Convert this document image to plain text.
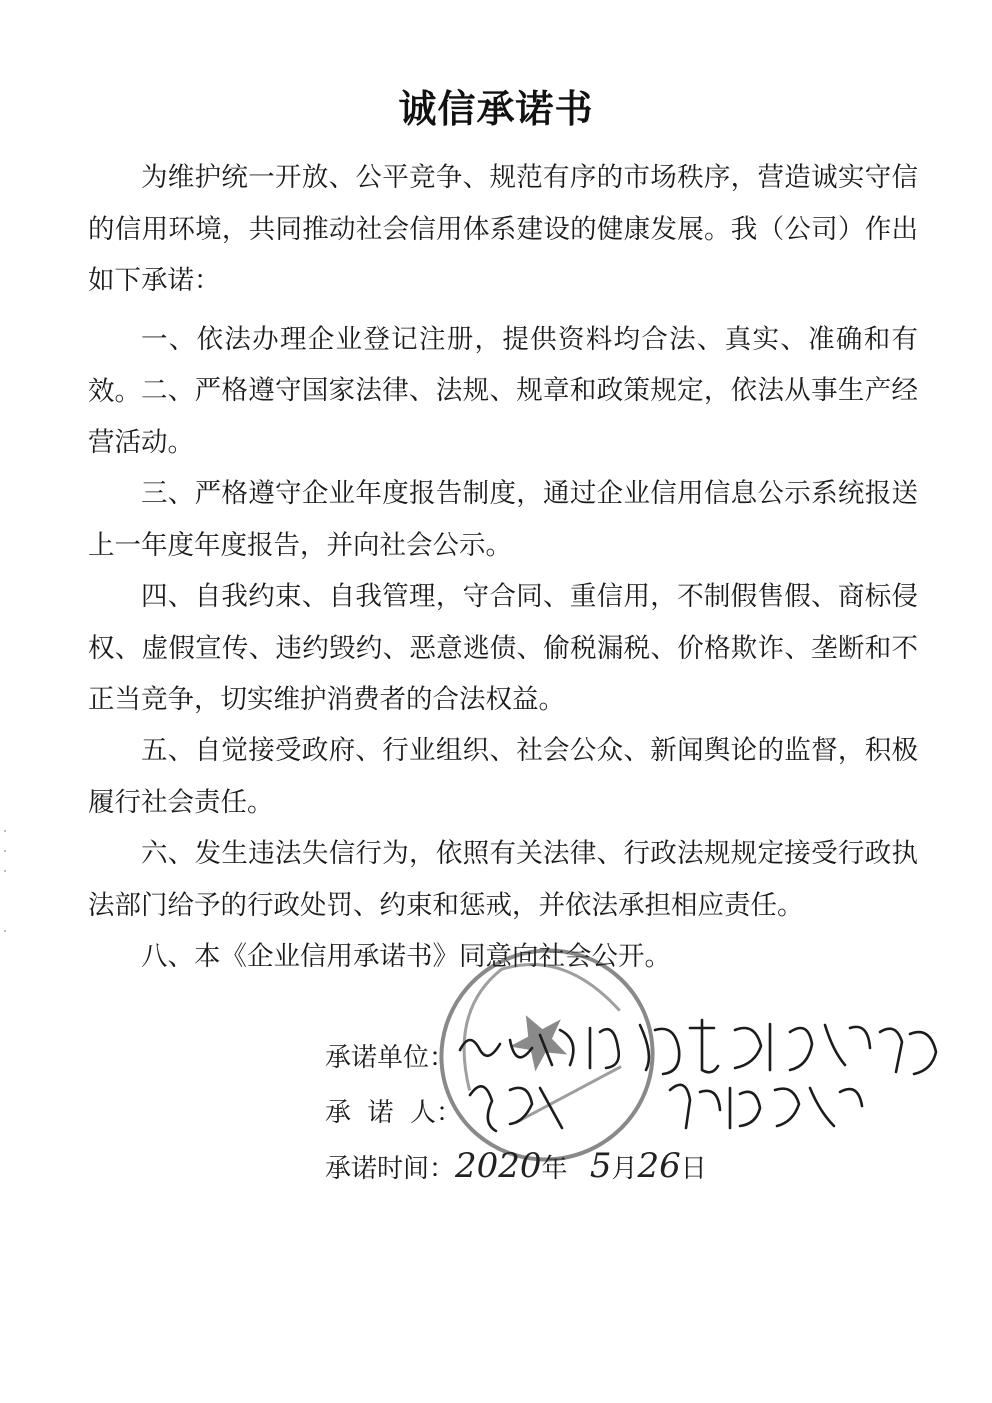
诚信承诺书

为维护统一开放、公平竞争、规范有序的市场秩序，营造诚实守信的信用环境，共同推动社会信用体系建设的健康发展。我（公司）作出如下承诺：

一、依法办理企业登记注册，提供资料均合法、真实、准确和有效。 二、严格遵守国家法律、法规、规章和政策规定，依法从事生产经营活动。

三、严格遵守企业年度报告制度，通过企业信用信息公示系统报送上一年度年度报告，并向社会公示。

四、自我约束、自我管理，守合同、重信用，不制假售假、商标侵权、虚假宣传、违约毁约、恶意逃债、偷税漏税、价格欺诈、垄断和不正当竞争，切实维护消费者的合法权益。

五、自觉接受政府、行业组织、社会公众、新闻舆论的监督，积极履行社会责任。

六、发生违法失信行为，依照有关法律、行政法规规定接受行政执法部门给予的行政处罚、约束和惩戒，并依法承担相应责任。

八、本《企业信用承诺书》同意向社会公开。

承诺单位：
承  诺  人：
承诺时间：2020年 5月26日
